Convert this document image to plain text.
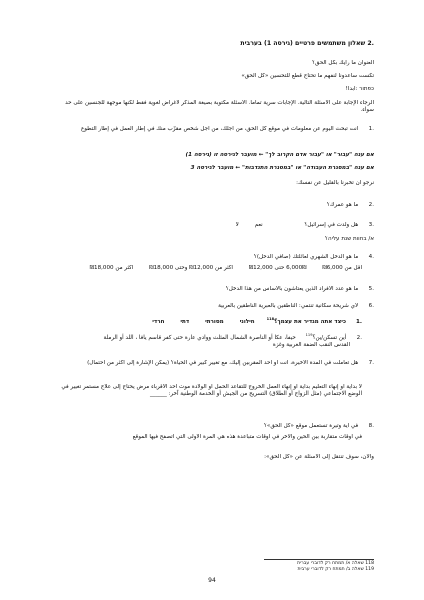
.2 שאלון משתמשים פרטיים (גירסה 1) בערבית
العنوان ما رأيك بكل الحق؟
تكست ساعدونا لنفهم ما تحتاج قطع للتحسين «كل الحق»
כפתור :ابدأ!
الرجاء الإجابة على الأسئلة التالية. الإجابات سرية تماما. الأسئلة مكتوبة بصيغة المذكر لأغراض لغوية فقط لكنها موجهة للجنسين على حد سواء.
.1 أنت تبحث اليوم عن معلومات في موقع كل الحق، من أجلك، من أجل شخص مقرّب منك في إطار العمل في إطار التطوع
אם ענה "עבור" או "עבור אדם הקרוב לך" ← מועבר לגירסה זו (גירסה 1)
אם ענה "במסגרת העבודה" או "במסגרת התנדבות" ← מועבר לגירסה 3
نرجو أن تخبرنا بالقليل عن نفسك:
.2 ما هو عمرك؟
.3 هل ولدت في إسرائيل؟ نعم لا
א/ בחוות שנת עליה؟
.4 ما هو الدخل الشهري لعائلتك (صافي الدخل)؟
أقل من 6,000₪ 6,000₪ حتى 12,000₪ أكثر من 12,000₪ وحتى 18,000₪ أكثر من 18,000₪
.5 ما هو عدد الأفراد الذين يعتاشون بالأساس من هذا الدخل؟
.6 لأي شريحة سكانية تنتمي: الناطقين بالعبرية الناطقين بالعربية
.1 כיצד אתה מגדיר את עצמך؟$^{118}$ חילוני מסורתי דתי חרדי
.2 أين تسكن/ين؟$^{119}$ حيفا، عكا أو الناصرة الشمال المثلث ووادي عارة حتى كفر قاسم يافا ، اللد أو الرملة
القدس النقب الضفة الغربية وغزة
.7 هل تعاملت في المدة الأخيرة، أنت أو أحد المقربين إليك، مع تغيير كبير في الحياة؟ (يمكن الإشارة إلى أكثر من احتمال)
لا بداية أو إنهاء التعليم بداية أو إنهاء العمل الخروج للتقاعد الحمل أو الولادة موت أحد الأقرباء مرض يحتاج إلى علاج مستمر تغيير في الوضع الاجتماعي (مثل الزواج أو الطلاق) التسريح من الجيش أو الخدمة الوطنية آخر: ______
.8 في أية وتيرة تستعمل موقع «كل الحق»؟
في أوقات متقاربة بين الحين والآخر في أوقات متباعدة هذه هي المرة الأولى التي أتصفح فيها الموقع
والآن، سوف تنتقل إلى الأسئلة عن «كل الحق»:
118 שאלה א/ תמתח רק לדוברי עברית
119 שאלה ב/ תמתח רק לדוברי ערבית
94
